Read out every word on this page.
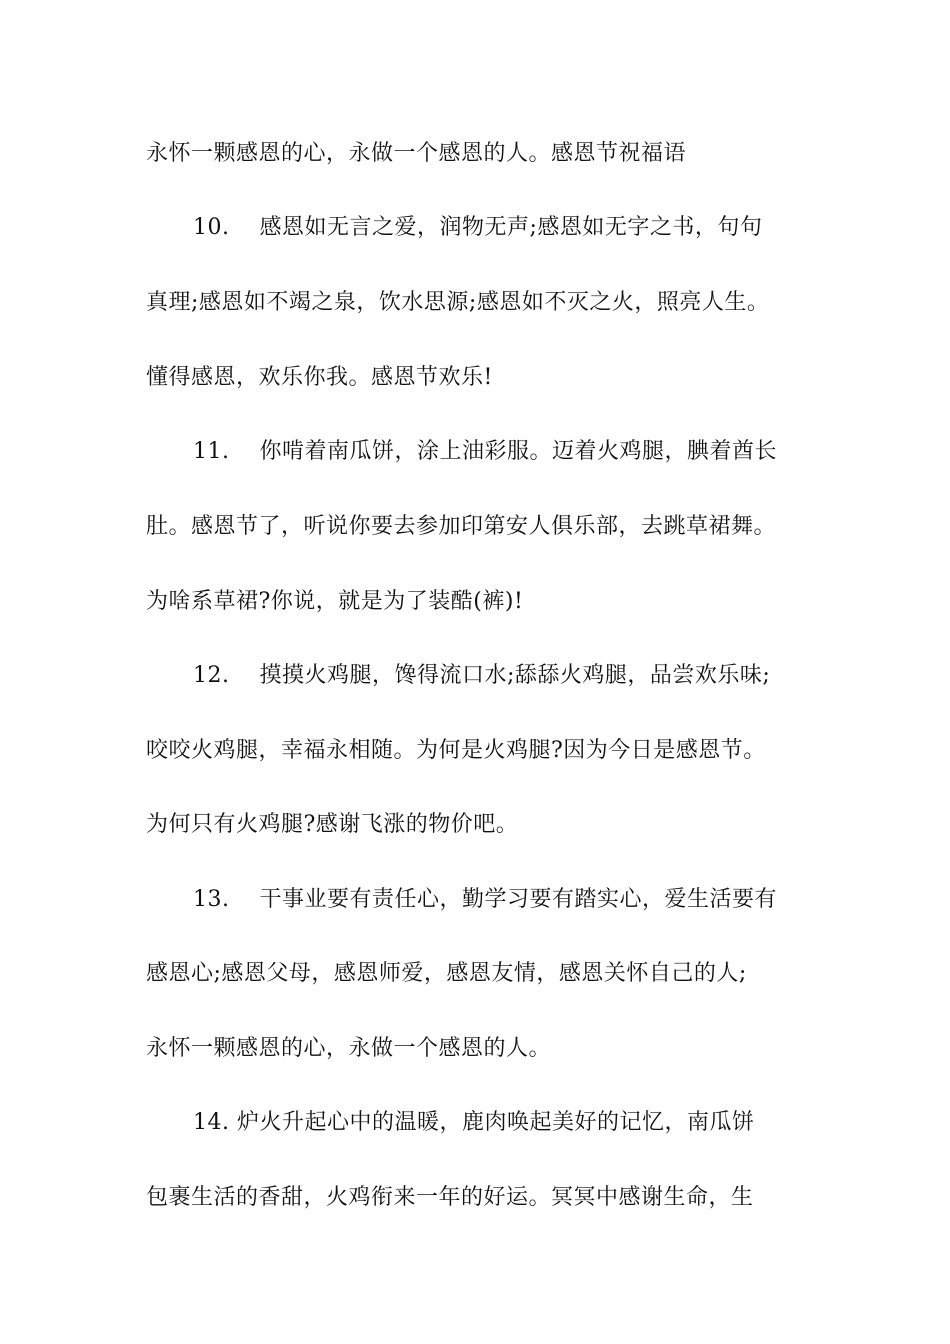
永怀一颗感恩的心，永做一个感恩的人。感恩节祝福语
10.　 感恩如无言之爱，润物无声;感恩如无字之书，句句
真理;感恩如不竭之泉，饮水思源;感恩如不灭之火，照亮人生。
懂得感恩，欢乐你我。感恩节欢乐!
11.　 你啃着南瓜饼，涂上油彩服。迈着火鸡腿，腆着酋长
肚。感恩节了，听说你要去参加印第安人俱乐部，去跳草裙舞。
为啥系草裙?你说，就是为了装酷(裤)!
12.　 摸摸火鸡腿，馋得流口水;舔舔火鸡腿，品尝欢乐味;
咬咬火鸡腿，幸福永相随。为何是火鸡腿?因为今日是感恩节。
为何只有火鸡腿?感谢飞涨的物价吧。
13.　 干事业要有责任心，勤学习要有踏实心，爱生活要有
感恩心;感恩父母，感恩师爱，感恩友情，感恩关怀自己的人;
永怀一颗感恩的心，永做一个感恩的人。
14. 炉火升起心中的温暖，鹿肉唤起美好的记忆，南瓜饼
包裹生活的香甜，火鸡衔来一年的好运。冥冥中感谢生命，生
